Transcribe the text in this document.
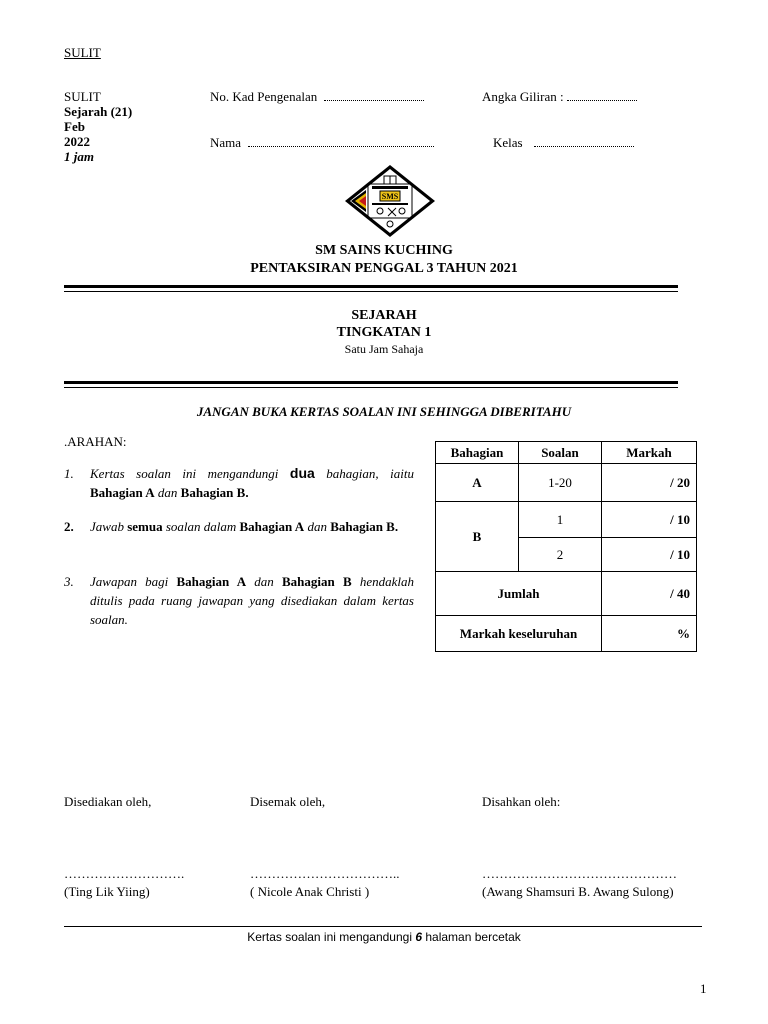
SULIT
SULIT
Sejarah (21)
Feb
2022
1 jam
No. Kad Pengenalan	Angka Giliran :
Nama	Kelas
SMS
SM SAINS KUCHING
PENTAKSIRAN PENGGAL 3 TAHUN 2021
SEJARAH
TINGKATAN 1
Satu Jam Sahaja
JANGAN BUKA KERTAS SOALAN INI SEHINGGA DIBERITAHU
.ARAHAN:
1. Kertas soalan ini mengandungi dua bahagian, iaitu Bahagian A dan Bahagian B.
2. Jawab semua soalan dalam Bahagian A dan Bahagian B.
3. Jawapan bagi Bahagian A dan Bahagian B hendaklah ditulis pada ruang jawapan yang disediakan dalam kertas soalan.
Bahagian	Soalan	Markah
A	1-20	/ 20
B	1	/ 10
	2	/ 10
Jumlah		/ 40
Markah keseluruhan		%
Disediakan oleh,	Disemak oleh,	Disahkan oleh:
……………………….	……………………………..	………………………………………
(Ting Lik Yiing)	( Nicole Anak Christi )	(Awang Shamsuri B. Awang Sulong)
Kertas soalan ini mengandungi 6 halaman bercetak
1
